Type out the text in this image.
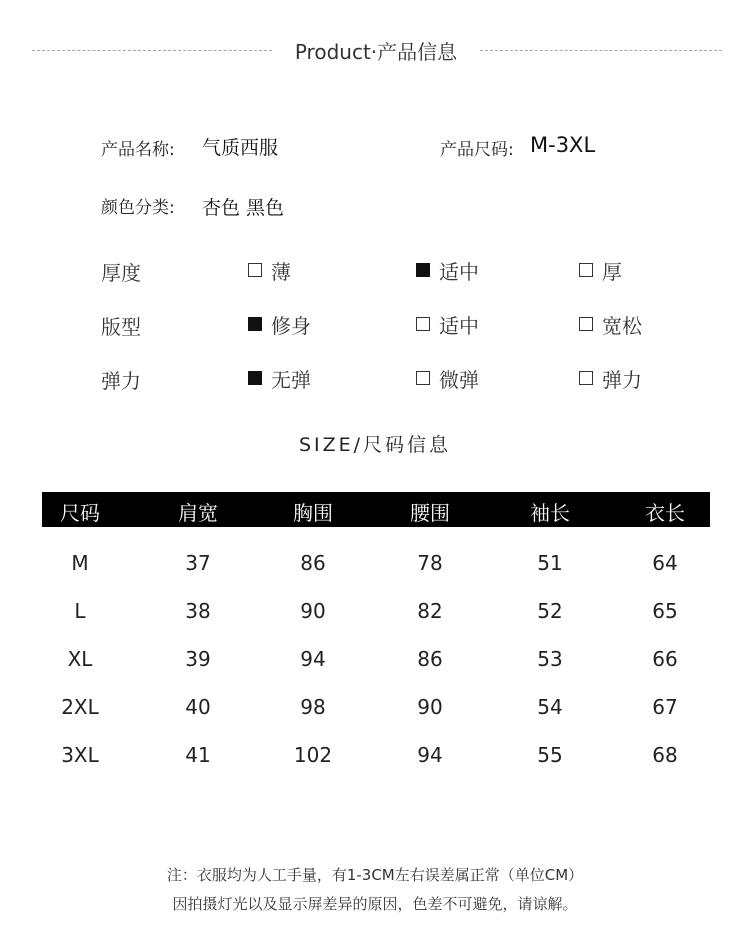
Product·产品信息
产品名称: 气质西服	产品尺码: M-3XL
颜色分类: 杏色 黑色
厚度	薄	适中	厚
版型	修身	适中	宽松
弹力	无弹	微弹	弹力
SIZE/尺码信息
尺码	肩宽	胸围	腰围	袖长	衣长
M	37	86	78	51	64
L	38	90	82	52	65
XL	39	94	86	53	66
2XL	40	98	90	54	67
3XL	41	102	94	55	68
注：衣服均为人工手量，有1-3CM左右误差属正常（单位CM）
因拍摄灯光以及显示屏差异的原因，色差不可避免，请谅解。
